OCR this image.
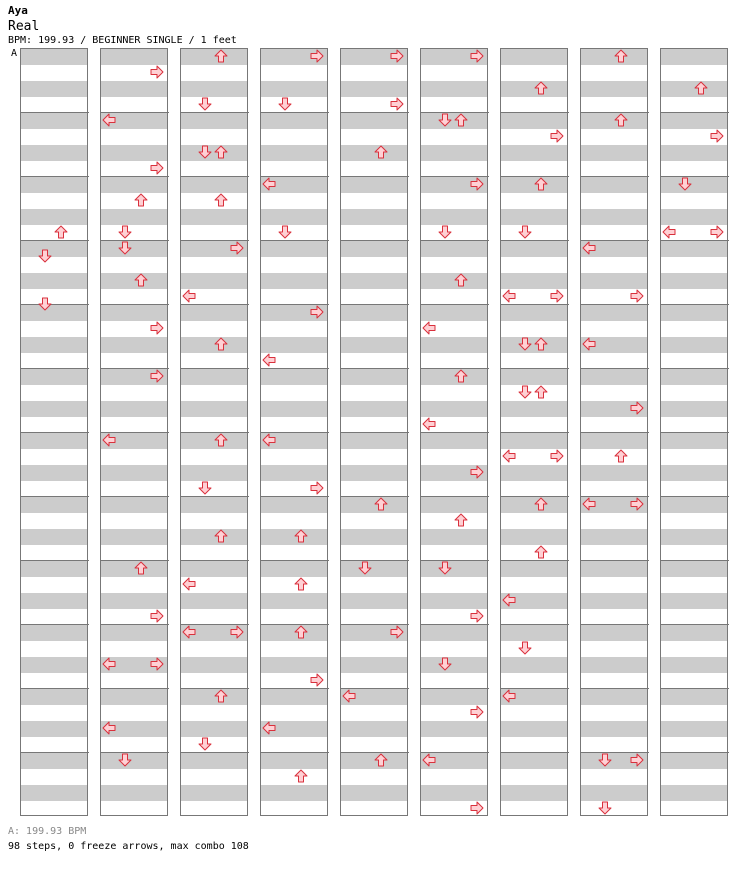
Aya
Real
BPM: 199.93 / BEGINNER SINGLE / 1 feet
A
A: 199.93 BPM
98 steps, 0 freeze arrows, max combo 108
